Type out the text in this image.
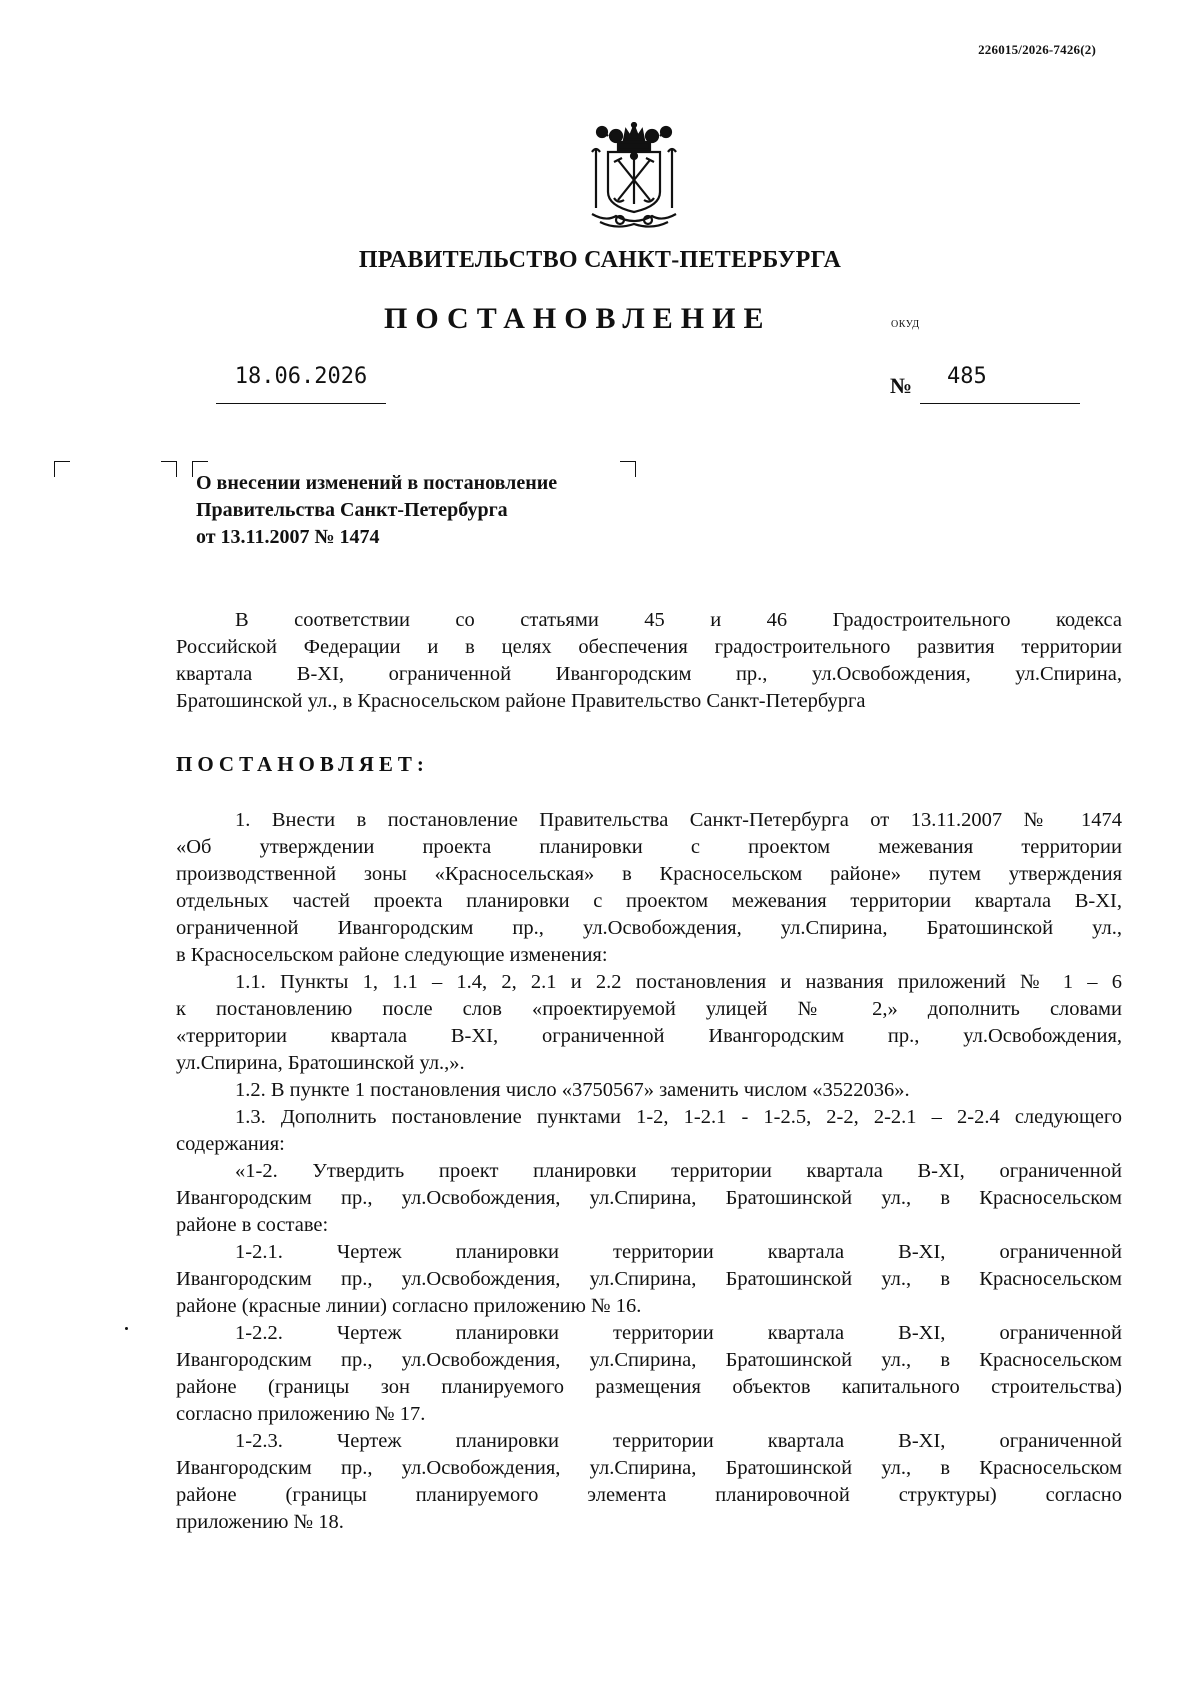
226015/2026-7426(2)
ПРАВИТЕЛЬСТВО САНКТ-ПЕТЕРБУРГА
ПОСТАНОВЛЕНИЕ	ОКУД
18.06.2026	№	485
О внесении изменений в постановление
Правительства Санкт-Петербурга
от 13.11.2007 № 1474
В соответствии со статьями 45 и 46 Градостроительного кодекса
Российской Федерации и в целях обеспечения градостроительного развития территории
квартала В-XI, ограниченной Ивангородским пр., ул.Освобождения, ул.Спирина,
Братошинской ул., в Красносельском районе Правительство Санкт-Петербурга
ПОСТАНОВЛЯЕТ:
1. Внести в постановление Правительства Санкт-Петербурга от 13.11.2007 № 1474
«Об утверждении проекта планировки с проектом межевания территории
производственной зоны «Красносельская» в Красносельском районе» путем утверждения
отдельных частей проекта планировки с проектом межевания территории квартала В-XI,
ограниченной Ивангородским пр., ул.Освобождения, ул.Спирина, Братошинской ул.,
в Красносельском районе следующие изменения:
1.1. Пункты 1, 1.1 – 1.4, 2, 2.1 и 2.2 постановления и названия приложений № 1 – 6
к постановлению после слов «проектируемой улицей № 2,» дополнить словами
«территории квартала В-XI, ограниченной Ивангородским пр., ул.Освобождения,
ул.Спирина, Братошинской ул.,».
1.2. В пункте 1 постановления число «3750567» заменить числом «3522036».
1.3. Дополнить постановление пунктами 1-2, 1-2.1 - 1-2.5, 2-2, 2-2.1 – 2-2.4 следующего
содержания:
«1-2. Утвердить проект планировки территории квартала В-XI, ограниченной
Ивангородским пр., ул.Освобождения, ул.Спирина, Братошинской ул., в Красносельском
районе в составе:
1-2.1. Чертеж планировки территории квартала В-XI, ограниченной
Ивангородским пр., ул.Освобождения, ул.Спирина, Братошинской ул., в Красносельском
районе (красные линии) согласно приложению № 16.
1-2.2. Чертеж планировки территории квартала В-XI, ограниченной
Ивангородским пр., ул.Освобождения, ул.Спирина, Братошинской ул., в Красносельском
районе (границы зон планируемого размещения объектов капитального строительства)
согласно приложению № 17.
1-2.3. Чертеж планировки территории квартала В-XI, ограниченной
Ивангородским пр., ул.Освобождения, ул.Спирина, Братошинской ул., в Красносельском
районе (границы планируемого элемента планировочной структуры) согласно
приложению № 18.
